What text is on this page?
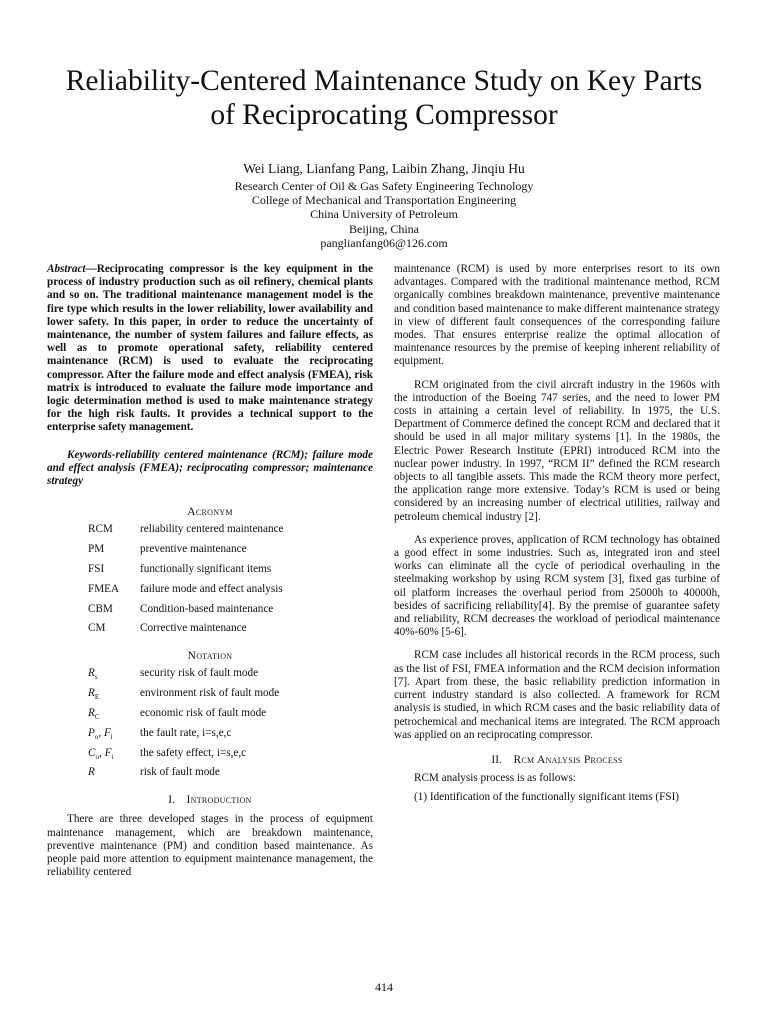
Reliability-Centered Maintenance Study on Key Parts
of Reciprocating Compressor
Wei Liang, Lianfang Pang, Laibin Zhang, Jinqiu Hu
Research Center of Oil & Gas Safety Engineering Technology
College of Mechanical and Transportation Engineering
China University of Petroleum
Beijing, China
panglianfang06@126.com
Abstract—Reciprocating compressor is the key equipment in the process of industry production such as oil refinery, chemical plants and so on. The traditional maintenance management model is the fire type which results in the lower reliability, lower availability and lower safety. In this paper, in order to reduce the uncertainty of maintenance, the number of system failures and failure effects, as well as to promote operational safety, reliability centered maintenance (RCM) is used to evaluate the reciprocating compressor. After the failure mode and effect analysis (FMEA), risk matrix is introduced to evaluate the failure mode importance and logic determination method is used to make maintenance strategy for the high risk faults. It provides a technical support to the enterprise safety management.
Keywords-reliability centered maintenance (RCM); failure mode and effect analysis (FMEA); reciprocating compressor; maintenance strategy
Acronym
RCM	reliability centered maintenance
PM	preventive maintenance
FSI	functionally significant items
FMEA	failure mode and effect analysis
CBM	Condition-based maintenance
CM	Corrective maintenance
Notation
$R_s$	security risk of fault mode
$R_E$	environment risk of fault mode
$R_C$	economic risk of fault mode
$P_o$, $F_i$	the fault rate, i=s,e,c
$C_o$, $F_i$	the safety effect, i=s,e,c
R	risk of fault mode
I. Introduction

There are three developed stages in the process of equipment maintenance management, which are breakdown maintenance, preventive maintenance (PM) and condition based maintenance. As people paid more attention to equipment maintenance management, the reliability centered

maintenance (RCM) is used by more enterprises resort to its own advantages. Compared with the traditional maintenance method, RCM organically combines breakdown maintenance, preventive maintenance and condition based maintenance to make different maintenance strategy in view of different fault consequences of the corresponding failure modes. That ensures enterprise realize the optimal allocation of maintenance resources by the premise of keeping inherent reliability of equipment.

RCM originated from the civil aircraft industry in the 1960s with the introduction of the Boeing 747 series, and the need to lower PM costs in attaining a certain level of reliability. In 1975, the U.S. Department of Commerce defined the concept RCM and declared that it should be used in all major military systems [1]. In the 1980s, the Electric Power Research Institute (EPRI) introduced RCM into the nuclear power industry. In 1997, “RCM II” defined the RCM research objects to all tangible assets. This made the RCM theory more perfect, the application range more extensive. Today’s RCM is used or being considered by an increasing number of electrical utilities, railway and petroleum chemical industry [2].

As experience proves, application of RCM technology has obtained a good effect in some industries. Such as, integrated iron and steel works can eliminate all the cycle of periodical overhauling in the steelmaking workshop by using RCM system [3], fixed gas turbine of oil platform increases the overhaul period from 25000h to 40000h, besides of sacrificing reliability[4]. By the premise of guarantee safety and reliability, RCM decreases the workload of periodical maintenance 40%-60% [5-6].

RCM case includes all historical records in the RCM process, such as the list of FSI, FMEA information and the RCM decision information [7]. Apart from these, the basic reliability prediction information in current industry standard is also collected. A framework for RCM analysis is studied, in which RCM cases and the basic reliability data of petrochemical and mechanical items are integrated. The RCM approach was applied on an reciprocating compressor.

II. Rcm Analysis Process

RCM analysis process is as follows:

(1) Identification of the functionally significant items (FSI)

414
